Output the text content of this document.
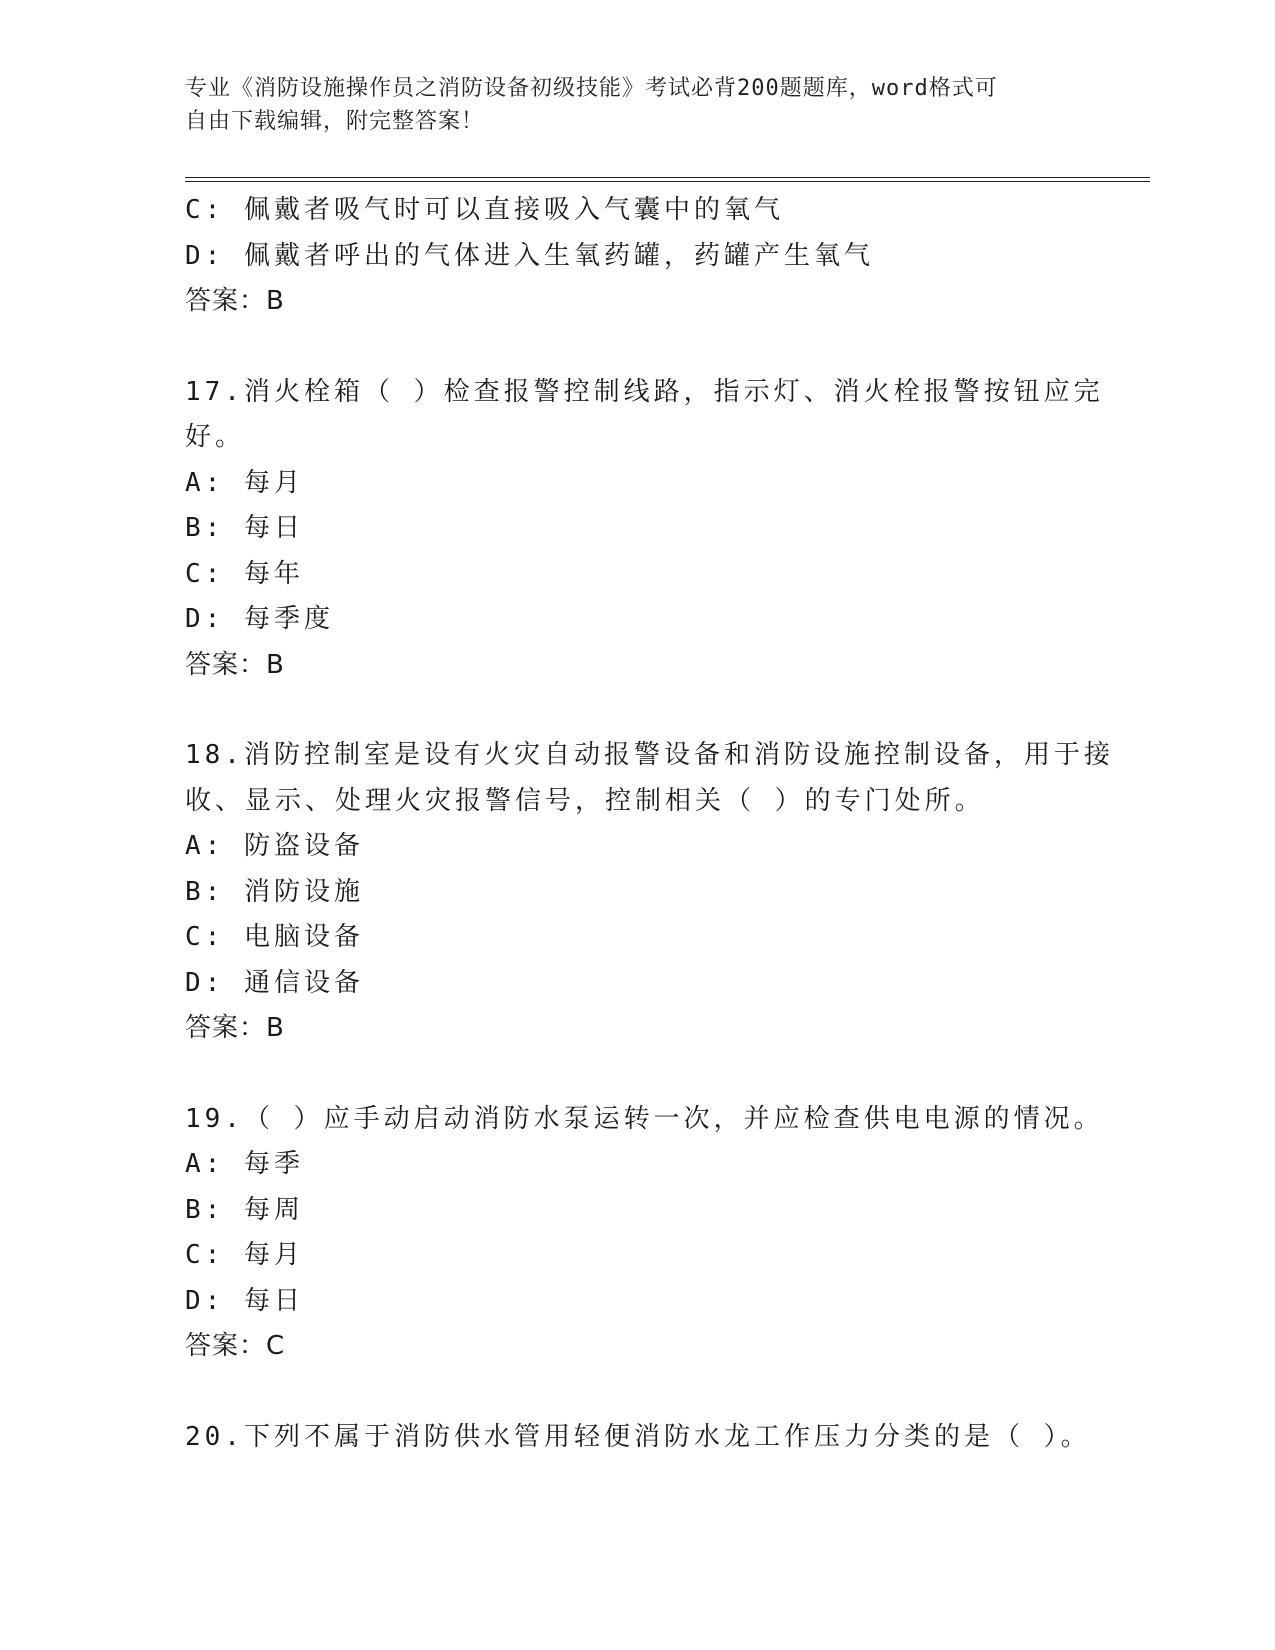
专业《消防设施操作员之消防设备初级技能》考试必背200题题库，word格式可
自由下载编辑，附完整答案！
C: 佩戴者吸气时可以直接吸入气囊中的氧气
D: 佩戴者呼出的气体进入生氧药罐，药罐产生氧气
答案：B
17.消火栓箱（ ）检查报警控制线路，指示灯、消火栓报警按钮应完
好。
A: 每月
B: 每日
C: 每年
D: 每季度
答案：B
18.消防控制室是设有火灾自动报警设备和消防设施控制设备，用于接
收、显示、处理火灾报警信号，控制相关（ ）的专门处所。
A: 防盗设备
B: 消防设施
C: 电脑设备
D: 通信设备
答案：B
19.（ ）应手动启动消防水泵运转一次，并应检查供电电源的情况。
A: 每季
B: 每周
C: 每月
D: 每日
答案：C
20.下列不属于消防供水管用轻便消防水龙工作压力分类的是（ ）。
